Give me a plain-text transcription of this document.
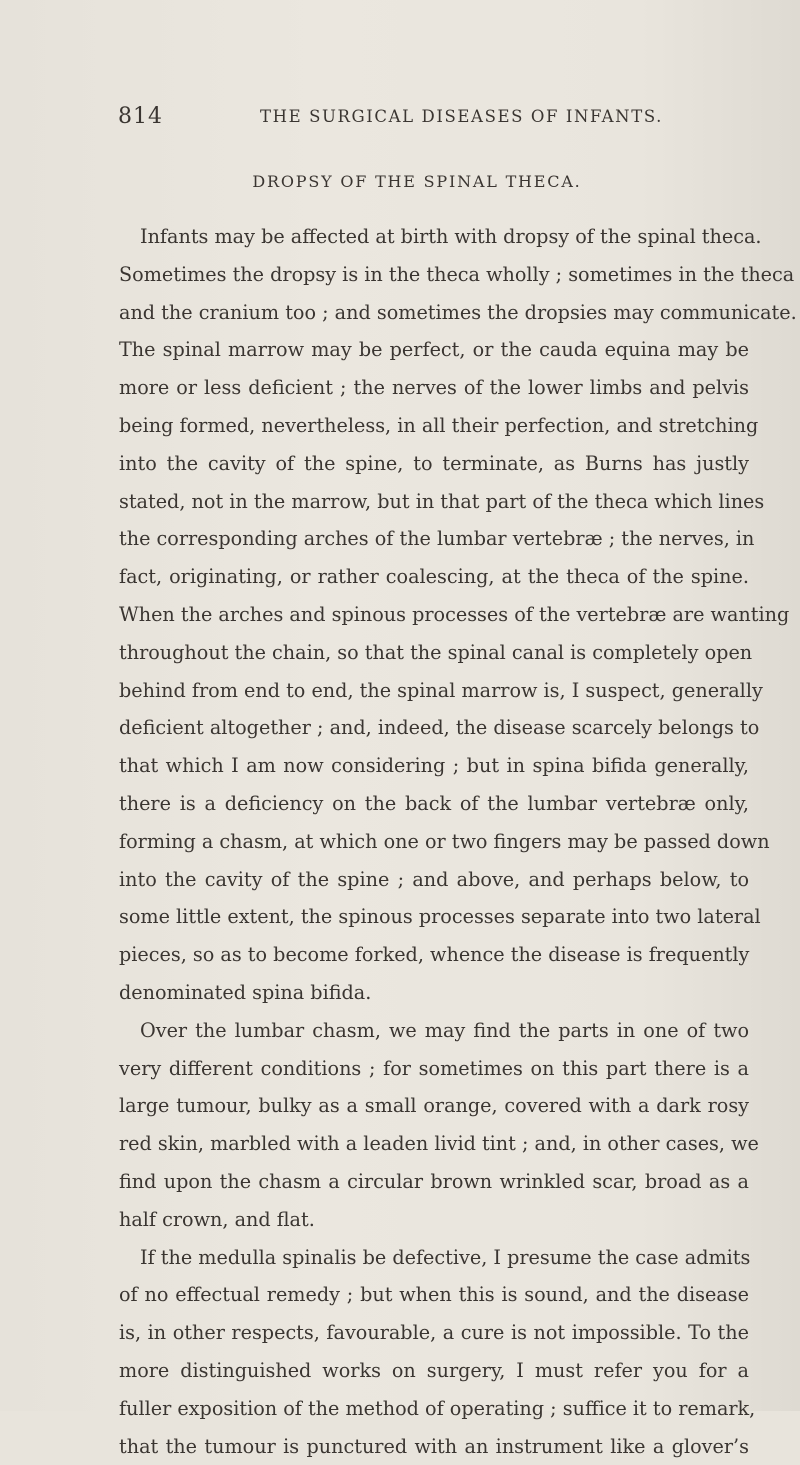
814	THE SURGICAL DISEASES OF INFANTS.
DROPSY OF THE SPINAL THECA.
Infants may be affected at birth with dropsy of the spinal theca.
Sometimes the dropsy is in the theca wholly ; sometimes in the theca
and the cranium too ; and sometimes the dropsies may communicate.
The spinal marrow may be perfect, or the cauda equina may be
more or less deficient ; the nerves of the lower limbs and pelvis
being formed, nevertheless, in all their perfection, and stretching
into the cavity of the spine, to terminate, as Burns has justly
stated, not in the marrow, but in that part of the theca which lines
the corresponding arches of the lumbar vertebræ ; the nerves, in
fact, originating, or rather coalescing, at the theca of the spine.
When the arches and spinous processes of the vertebræ are wanting
throughout the chain, so that the spinal canal is completely open
behind from end to end, the spinal marrow is, I suspect, generally
deficient altogether ; and, indeed, the disease scarcely belongs to
that which I am now considering ; but in spina bifida generally,
there is a deficiency on the back of the lumbar vertebræ only,
forming a chasm, at which one or two fingers may be passed down
into the cavity of the spine ; and above, and perhaps below, to
some little extent, the spinous processes separate into two lateral
pieces, so as to become forked, whence the disease is frequently
denominated spina bifida.
Over the lumbar chasm, we may find the parts in one of two
very different conditions ; for sometimes on this part there is a
large tumour, bulky as a small orange, covered with a dark rosy
red skin, marbled with a leaden livid tint ; and, in other cases, we
find upon the chasm a circular brown wrinkled scar, broad as a
half crown, and flat.
If the medulla spinalis be defective, I presume the case admits
of no effectual remedy ; but when this is sound, and the disease
is, in other respects, favourable, a cure is not impossible. To the
more distinguished works on surgery, I must refer you for a
fuller exposition of the method of operating ; suffice it to remark,
that the tumour is punctured with an instrument like a glover’s
